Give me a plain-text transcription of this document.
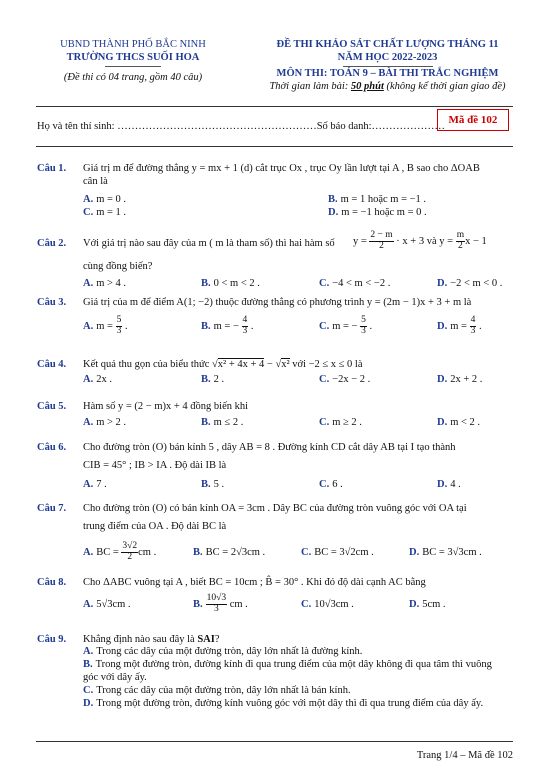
UBND THÀNH PHỐ BẮC NINH
TRƯỜNG THCS SUỐI HOA
(Đề thi có 04 trang, gồm 40 câu)
ĐỀ THI KHẢO SÁT CHẤT LƯỢNG THÁNG 11
NĂM HỌC 2022-2023
MÔN THI: TOÁN 9 – BÀI THI TRẮC NGHIỆM
Thời gian làm bài: 50 phút (không kể thời gian giao đề)
Họ và tên thí sinh: …………………………………………………Số báo danh:…………………
Mã đề 102
Câu 1. Giá trị m để đường thẳng y = mx + 1 (d) cắt trục Ox , trục Oy lần lượt tại A , B sao cho ΔOAB
cân là
A. m = 0 .	B. m = 1 hoặc m = −1 .
C. m = 1 .	D. m = −1 hoặc m = 0 .
Câu 2. Với giá trị nào sau đây của m ( m là tham số) thì hai hàm số $y = \frac{2 - m}{2} \cdot x + 3$ và $y = \frac{m}{2}$ x − 1
cùng đồng biến?
A. m > 4 .	B. 0 < m < 2 .	C. −4 < m < −2 .	D. −2 < m < 0 .
Câu 3. Giá trị của m để điểm A(1; −2) thuộc đường thẳng có phương trình y = (2m − 1)x + 3 + m là
A. $m = \frac{5}{3}$ .	B. m = − $\frac{4}{3}$ .	C. m = − $\frac{5}{3}$ .	D. $m = \frac{4}{3}$ .
Câu 4. Kết quả thu gọn của biểu thức √x² + 4x + 4 − √x² với −2 ≤ x ≤ 0 là
A. 2x .	B. 2 .	C. −2x − 2 .	D. 2x + 2 .
Câu 5. Hàm số y = (2 − m)x + 4 đồng biến khi
A. m > 2 .	B. m ≤ 2 .	C. m ≥ 2 .	D. m < 2 .
Câu 6. Cho đường tròn (O) bán kính 5 , dây AB = 8 . Đường kính CD cắt dây AB tại I tạo thành
CIB = 45° ; IB > IA . Độ dài IB là
A. 7 .	B. 5 .	C. 6 .	D. 4 .
Câu 7. Cho đường tròn (O) có bán kính OA = 3cm . Dây BC của đường tròn vuông góc với OA tại
trung điểm của OA . Độ dài BC là
A. BC = $\frac{3√2}{2}$ cm .	B. BC = 2√3cm .	C. BC = 3√2cm .	D. BC = 3√3cm .
Câu 8. Cho ΔABC vuông tại A , biết BC = 10cm ; B̂ = 30° . Khi đó độ dài cạnh AC bằng
A. 5√3cm .	B. $\frac{10√3}{3}$ cm .	C. 10√3cm .	D. 5cm .
Câu 9. Khẳng định nào sau đây là SAI?
A. Trong các dây của một đường tròn, dây lớn nhất là đường kính.
B. Trong một đường tròn, đường kính đi qua trung điểm của một dây không đi qua tâm thì vuông
góc với dây ấy.
C. Trong các dây của một đường tròn, dây lớn nhất là bán kính.
D. Trong một đường tròn, đường kính vuông góc với một dây thì đi qua trung điểm của dây ấy.
Trang 1/4 – Mã đề 102
